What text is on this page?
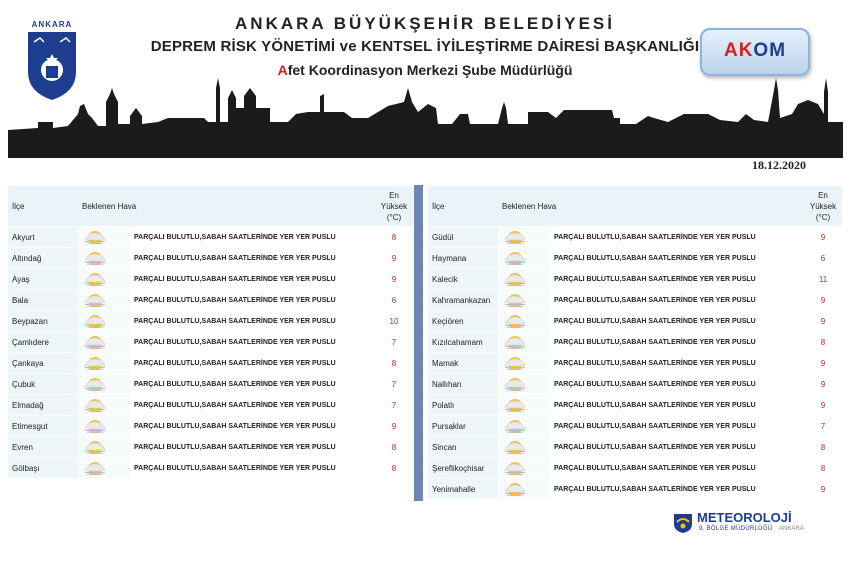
ANKARA	ANKARA BÜYÜKŞEHİR BELEDİYESİ
DEPREM RİSK YÖNETİMİ ve KENTSEL İYİLEŞTİRME DAİRESİ BAŞKANLIĞI
Afet Koordinasyon Merkezi Şube Müdürlüğü
AKOM
18.12.2020
İlçe	Beklenen Hava		En
Yüksek
(°C)
Akyurt		PARÇALI BULUTLU,SABAH SAATLERİNDE YER YER PUSLU	8
Altındağ		PARÇALI BULUTLU,SABAH SAATLERİNDE YER YER PUSLU	9
Ayaş		PARÇALI BULUTLU,SABAH SAATLERİNDE YER YER PUSLU	9
Bala		PARÇALI BULUTLU,SABAH SAATLERİNDE YER YER PUSLU	6
Beypazarı		PARÇALI BULUTLU,SABAH SAATLERİNDE YER YER PUSLU	10
Çamlıdere		PARÇALI BULUTLU,SABAH SAATLERİNDE YER YER PUSLU	7
Çankaya		PARÇALI BULUTLU,SABAH SAATLERİNDE YER YER PUSLU	8
Çubuk		PARÇALI BULUTLU,SABAH SAATLERİNDE YER YER PUSLU	7
Elmadağ		PARÇALI BULUTLU,SABAH SAATLERİNDE YER YER PUSLU	7
Etimesgut		PARÇALI BULUTLU,SABAH SAATLERİNDE YER YER PUSLU	9
Evren		PARÇALI BULUTLU,SABAH SAATLERİNDE YER YER PUSLU	8
Gölbaşı		PARÇALI BULUTLU,SABAH SAATLERİNDE YER YER PUSLU	8
İlçe	Beklenen Hava		En
Yüksek
(°C)
Güdül		PARÇALI BULUTLU,SABAH SAATLERİNDE YER YER PUSLU	9
Haymana		PARÇALI BULUTLU,SABAH SAATLERİNDE YER YER PUSLU	6
Kalecik		PARÇALI BULUTLU,SABAH SAATLERİNDE YER YER PUSLU	11
Kahramankazan		PARÇALI BULUTLU,SABAH SAATLERİNDE YER YER PUSLU	9
Keçiören		PARÇALI BULUTLU,SABAH SAATLERİNDE YER YER PUSLU	9
Kızılcahamam		PARÇALI BULUTLU,SABAH SAATLERİNDE YER YER PUSLU	8
Mamak		PARÇALI BULUTLU,SABAH SAATLERİNDE YER YER PUSLU	9
Nallıhan		PARÇALI BULUTLU,SABAH SAATLERİNDE YER YER PUSLU	9
Polatlı		PARÇALI BULUTLU,SABAH SAATLERİNDE YER YER PUSLU	9
Pursaklar		PARÇALI BULUTLU,SABAH SAATLERİNDE YER YER PUSLU	7
Sincan		PARÇALI BULUTLU,SABAH SAATLERİNDE YER YER PUSLU	8
Şereflikoçhisar		PARÇALI BULUTLU,SABAH SAATLERİNDE YER YER PUSLU	8
Yenimahalle		PARÇALI BULUTLU,SABAH SAATLERİNDE YER YER PUSLU	9
METEOROLOJİ
9. BÖLGE MÜDÜRLÜĞÜ ANKARA
